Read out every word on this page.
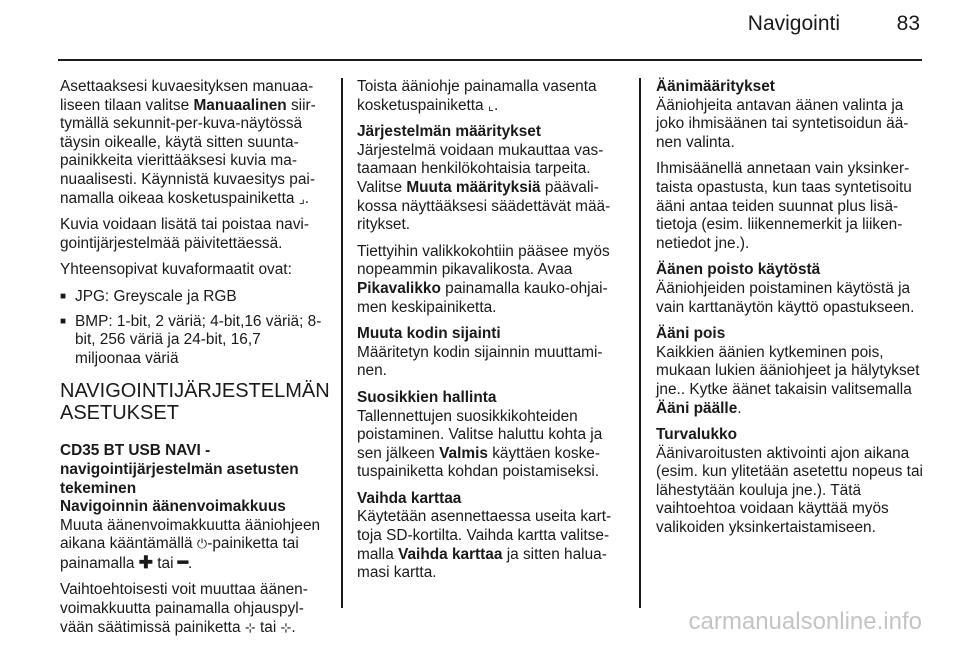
Navigointi	83

Asettaaksesi kuvaesityksen manuaaliseen tilaan valitse Manuaalinen siirtymällä sekunnit-per-kuva-näytössä täysin oikealle, käytä sitten suuntapainikkeita vierittääksesi kuvia manuaalisesti. Käynnistä kuvaesitys painamalla oikeaa kosketuspainiketta ⌟.

Kuvia voidaan lisätä tai poistaa navigointijärjestelmää päivitettäessä.

Yhteensopivat kuvaformaatit ovat:

■ JPG: Greyscale ja RGB
■ BMP: 1-bit, 2 väriä; 4-bit,16 väriä; 8-bit, 256 väriä ja 24-bit, 16,7 miljoonaa väriä
NAVIGOINTIJÄRJESTELMÄN ASETUKSET
CD35 BT USB NAVI - navigointijärjestelmän asetusten tekeminen
Navigoinnin äänenvoimakkuus

Muuta äänenvoimakkuutta ääniohjeen aikana kääntämällä ⏻-painiketta tai painamalla ✚ tai ━.

Vaihtoehtoisesti voit muuttaa äänenvoimakkuutta painamalla ohjauspylvään säätimissä painiketta ⊹ tai ⊹.

Toista ääniohje painamalla vasenta kosketuspainiketta ⌞.

Järjestelmän määritykset

Järjestelmä voidaan mukauttaa vastaamaan henkilökohtaisia tarpeita. Valitse Muuta määrityksiä päävalikossa näyttääksesi säädettävät määritykset.

Tiettyihin valikkokohtiin pääsee myös nopeammin pikavalikosta. Avaa Pikavalikko painamalla kauko-ohjaimen keskipainiketta.

Muuta kodin sijainti

Määritetyn kodin sijainnin muuttaminen.

Suosikkien hallinta

Tallennettujen suosikkikohteiden poistaminen. Valitse haluttu kohta ja sen jälkeen Valmis käyttäen kosketuspainiketta kohdan poistamiseksi.

Vaihda karttaa

Käytetään asennettaessa useita karttoja SD-kortilta. Vaihda kartta valitsemalla Vaihda karttaa ja sitten haluamasi kartta.

Äänimääritykset

Ääniohjeita antavan äänen valinta ja joko ihmisäänen tai syntetisoidun äänen valinta.

Ihmisäänellä annetaan vain yksinkertaista opastusta, kun taas syntetisoitu ääni antaa teiden suunnat plus lisätietoja (esim. liikennemerkit ja liikennetiedot jne.).

Äänen poisto käytöstä

Ääniohjeiden poistaminen käytöstä ja vain karttanäytön käyttö opastukseen.

Ääni pois

Kaikkien äänien kytkeminen pois, mukaan lukien ääniohjeet ja hälytykset jne.. Kytke äänet takaisin valitsemalla Ääni päälle.

Turvalukko

Äänivaroitusten aktivointi ajon aikana (esim. kun ylitetään asetettu nopeus tai lähestytään kouluja jne.). Tätä vaihtoehtoa voidaan käyttää myös valikoiden yksinkertaistamiseen.

carmanualsonline.info
